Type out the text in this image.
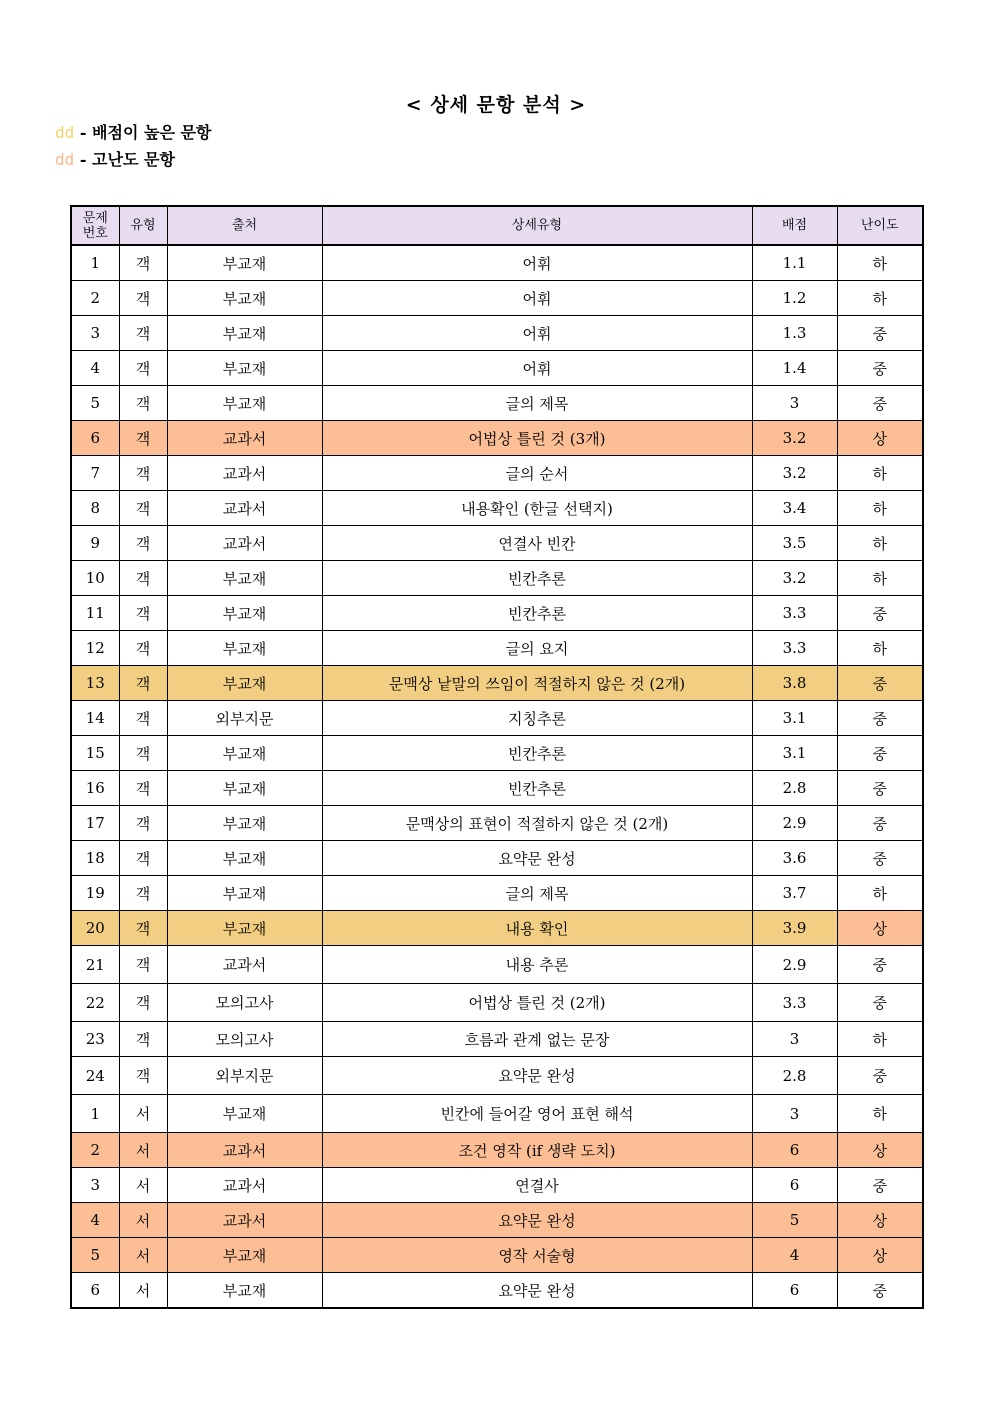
< 상세 문항 분석 >
dd - 배점이 높은 문항
dd - 고난도 문항
문제
번호	유형	출처	상세유형	배점	난이도
1	객	부교재	어휘	1.1	하
2	객	부교재	어휘	1.2	하
3	객	부교재	어휘	1.3	중
4	객	부교재	어휘	1.4	중
5	객	부교재	글의 제목	3	중
6	객	교과서	어법상 틀린 것 (3개)	3.2	상
7	객	교과서	글의 순서	3.2	하
8	객	교과서	내용확인 (한글 선택지)	3.4	하
9	객	교과서	연결사 빈칸	3.5	하
10	객	부교재	빈칸추론	3.2	하
11	객	부교재	빈칸추론	3.3	중
12	객	부교재	글의 요지	3.3	하
13	객	부교재	문맥상 낱말의 쓰임이 적절하지 않은 것 (2개)	3.8	중
14	객	외부지문	지칭추론	3.1	중
15	객	부교재	빈칸추론	3.1	중
16	객	부교재	빈칸추론	2.8	중
17	객	부교재	문맥상의 표현이 적절하지 않은 것 (2개)	2.9	중
18	객	부교재	요약문 완성	3.6	중
19	객	부교재	글의 제목	3.7	하
20	객	부교재	내용 확인	3.9	상
21	객	교과서	내용 추론	2.9	중
22	객	모의고사	어법상 틀린 것 (2개)	3.3	중
23	객	모의고사	흐름과 관계 없는 문장	3	하
24	객	외부지문	요약문 완성	2.8	중
1	서	부교재	빈칸에 들어갈 영어 표현 해석	3	하
2	서	교과서	조건 영작 (if 생략 도치)	6	상
3	서	교과서	연결사	6	중
4	서	교과서	요약문 완성	5	상
5	서	부교재	영작 서술형	4	상
6	서	부교재	요약문 완성	6	중
